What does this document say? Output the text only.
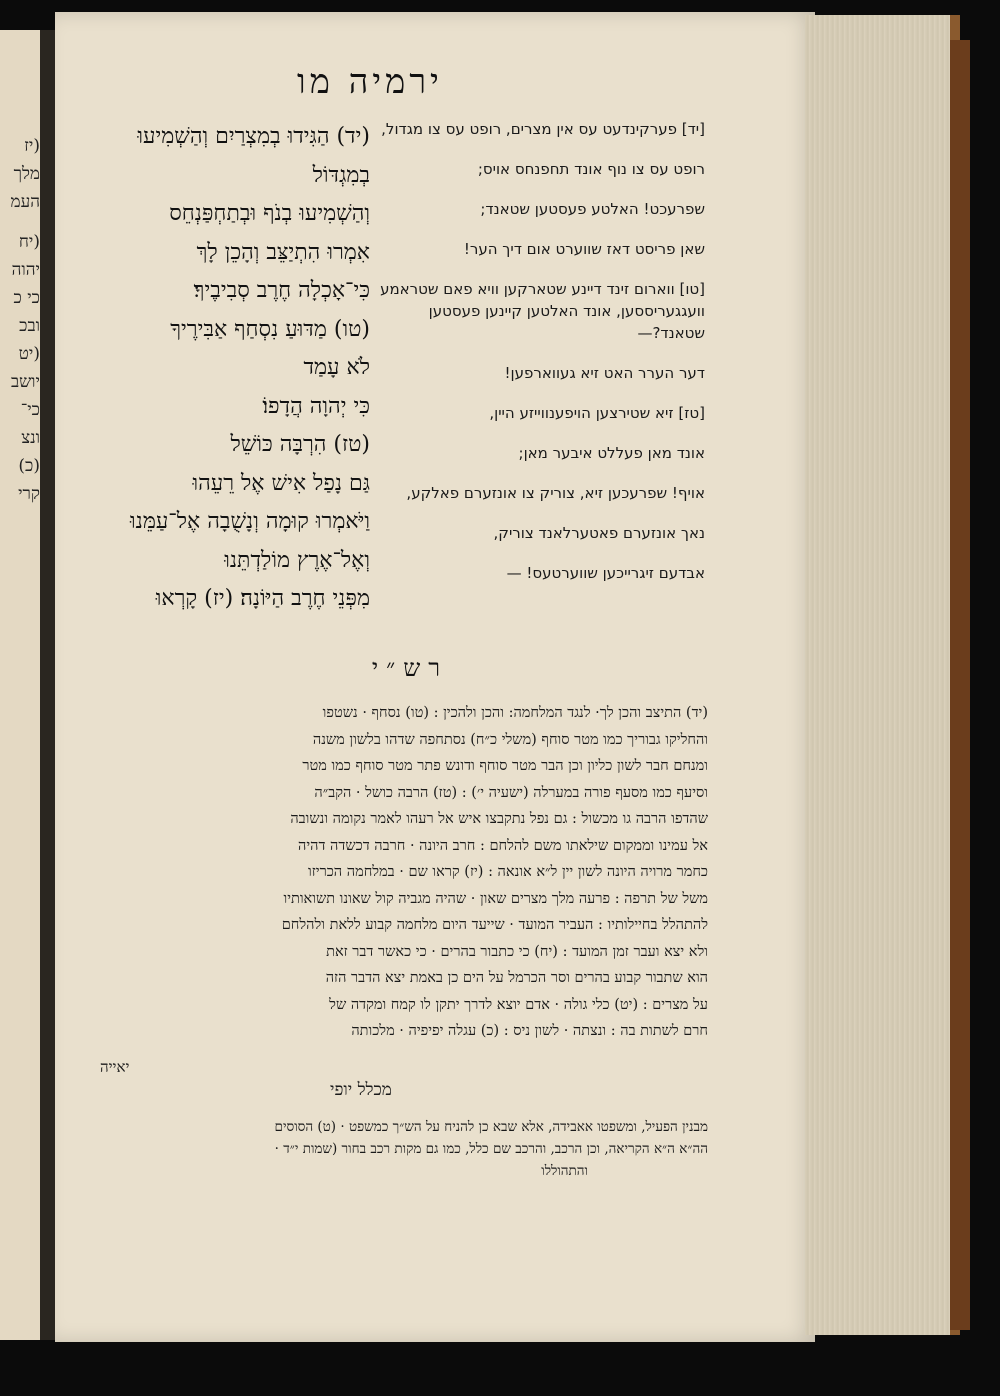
(יז
מלך
העמ
(יח
יהוה
כי כ
ובכ
(יט
יושב
כי־
ונצ
(כ)
קרי
ירמיה מו
(יד) הַגִּידוּ בְמִצְרַיִם וְהַשְׁמִיעוּ
בְמִגְדּוֹל
וְהַשְׁמִיעוּ בְנֹף וּבְתַחְפַּנְחֵס
אִמְרוּ הִתְיַצֵּב וְהָכֵן לָךְ
כִּי־אָכְלָה חֶרֶב סְבִיבֶיךָ׃
(טו) מַדּוּעַ נִסְחַף אַבִּירֶיךָ
לֹא עָמַד
כִּי יְהוָה הֲדָפוֹ׃
(טז) הִרְבָּה כּוֹשֵׁל
גַּם נָפַל אִישׁ אֶל רֵעֵהוּ
וַיֹּאמְרוּ קוּמָה וְנָשֻׁבָה אֶל־עַמֵּנוּ
וְאֶל־אֶרֶץ מוֹלַדְתֵּנוּ
מִפְּנֵי חֶרֶב הַיּוֹנָה׃ (יז) קָרְאוּ
[יד] פערקינדעט עס אין מצרים, רופט עס צו מגדול,
רופט עס צו נוף אונד תחפנחס אויס;
שפרעכט! האלטע פעסטען שטאנד;
שאן פריסט דאז שווערט אום דיך הער!
[טו] ווארום זינד דיינע שטארקען וויא פאם שטראמע וועגגעריססען, אונד האלטען קיינען פעסטען שטאנד?—
דער הערר האט זיא געווארפען!
[טז] זיא שטירצען הויפענווייזע היין,
אונד מאן פעללט איבער מאן;
אויף! שפרעכען זיא, צוריק צו אונזערם פאלקע,
נאך אונזערם פאטערלאנד צוריק,
אבדעם זיגרייכען שווערטעס! —
רש״י
(יד) התיצב והכן לך· לנגד המלחמה: והכן ולהכין : (טו) נסחף · נשטפו
והחליקו גבוריך כמו מטר סוחף (משלי כ״ח) נסתחפה שדהו בלשון משנה
ומנחם חבר לשון כליון וכן הבר מטר סוחף ודונש פתר מטר סוחף כמו מטר
וסיעף כמו מסעף פורה במערלה (ישעיה י׳) : (טז) הרבה כושל · הקב״ה
שהדפו הרבה גו מכשול : גם נפל נתקבצו איש אל רעהו לאמר נקומה ונשובה
אל עמינו וממקום שילאתו משם להלחם : חרב היונה · חרבה דכשדה דהיה
כחמר מרויה היונה לשון יין ל״א אונאה : (יז) קראו שם · במלחמה הכריזו
משל של תרפה : פרעה מלך מצרים שאון · שהיה מגביה קול שאונו תשואותיו
להתהלל בחיילותיו : העביר המועד · שייעד היום מלחמה קבוע ללאת ולהלחם
ולא יצא ועבר זמן המועד : (יח) כי כתבור בהרים · כי כאשר דבר זאת
הוא שתבור קבוע בהרים וסר הכרמל על הים כן באמת יצא הדבר הזה
על מצרים : (יט) כלי גולה · אדם יוצא לדרך יתקן לו קמח ומקדה של
חרם לשתות בה : ונצתה · לשון ניס : (כ) עגלה יפיפיה · מלכותה
יאייה
מכלל יופי
מבנין הפעיל, ומשפטו אאבידה, אלא שבא כן להניח על הש״ך כמשפט · (ט) הסוסים
הה״א ה״א הקריאה, וכן הרכב, והרכב שם כלל, כמו גם מקות רכב בחור (שמות י״ד ·
והתהוללו
